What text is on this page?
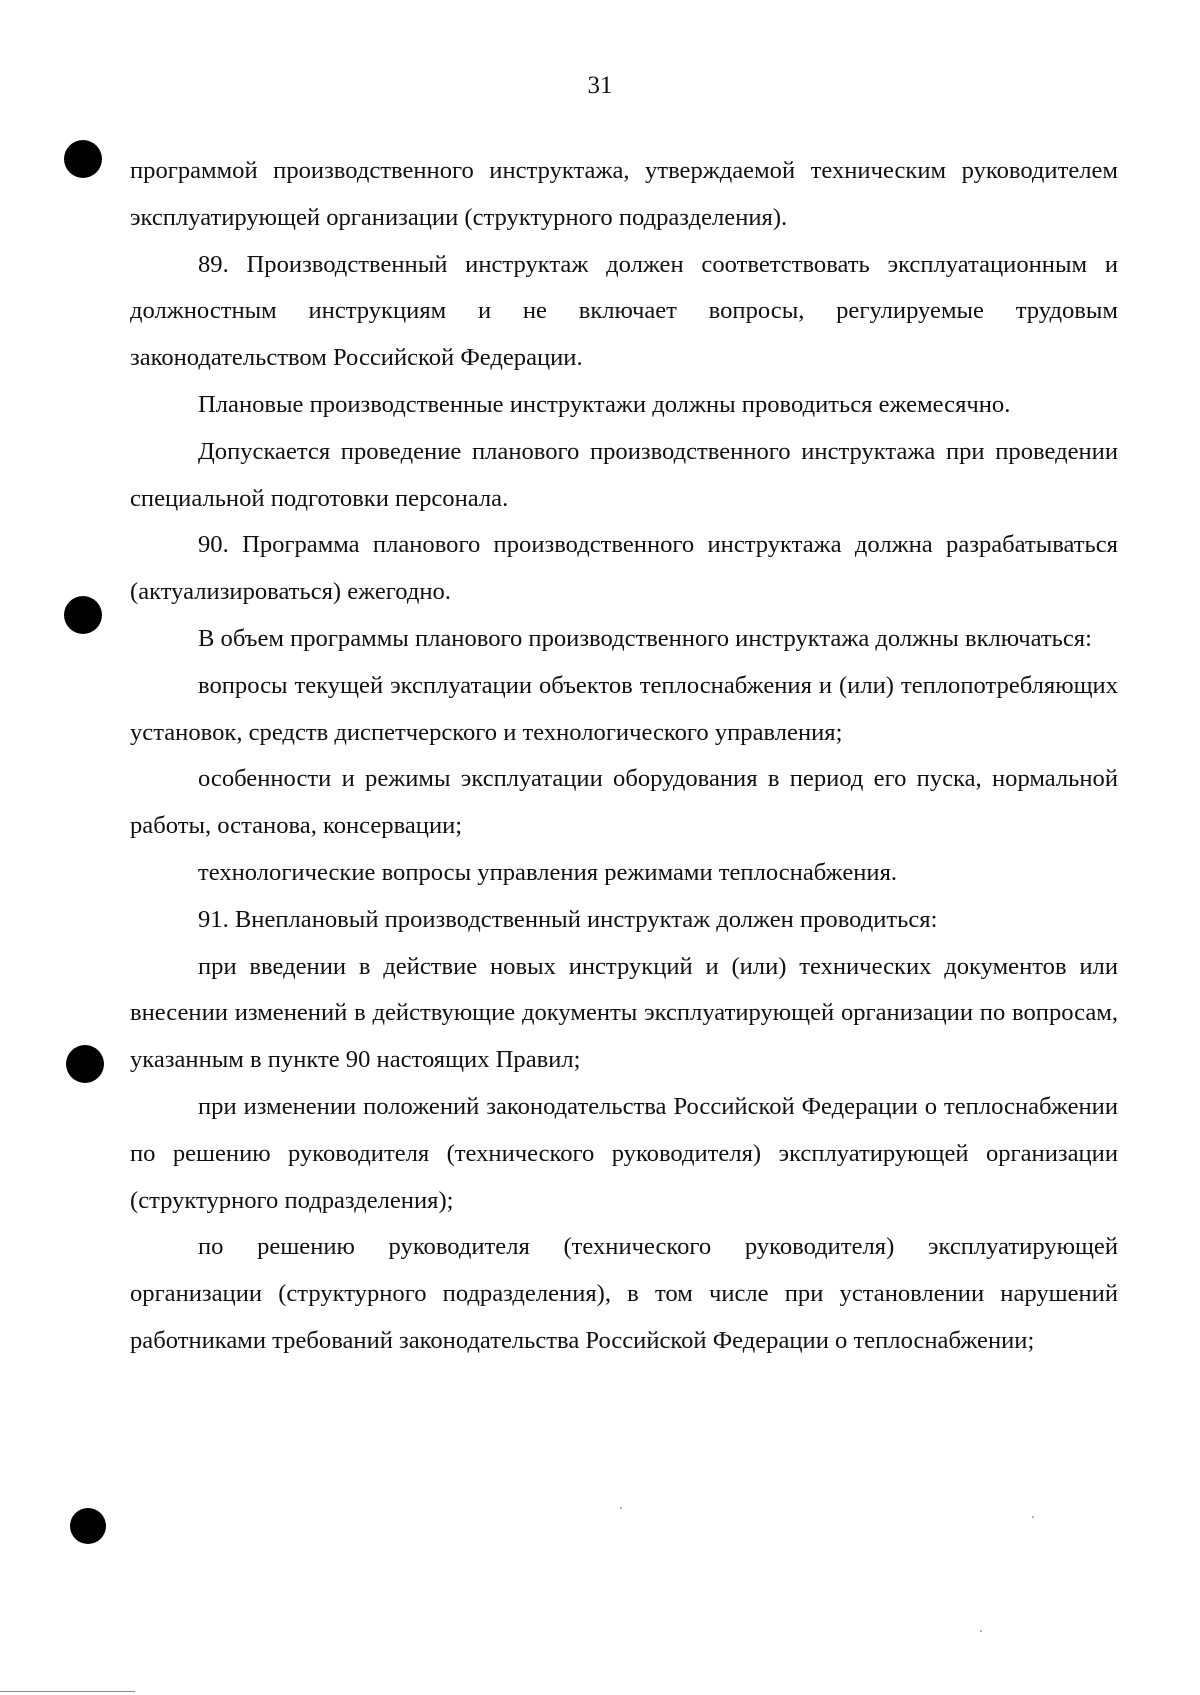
31

программой производственного инструктажа, утверждаемой техническим руководителем эксплуатирующей организации (структурного подразделения).

89. Производственный инструктаж должен соответствовать эксплуатационным и должностным инструкциям и не включает вопросы, регулируемые трудовым законодательством Российской Федерации.

Плановые производственные инструктажи должны проводиться ежемесячно.

Допускается проведение планового производственного инструктажа при проведении специальной подготовки персонала.

90. Программа планового производственного инструктажа должна разрабатываться (актуализироваться) ежегодно.

В объем программы планового производственного инструктажа должны включаться:

вопросы текущей эксплуатации объектов теплоснабжения и (или) теплопотребляющих установок, средств диспетчерского и технологического управления;

особенности и режимы эксплуатации оборудования в период его пуска, нормальной работы, останова, консервации;

технологические вопросы управления режимами теплоснабжения.

91. Внеплановый производственный инструктаж должен проводиться:

при введении в действие новых инструкций и (или) технических документов или внесении изменений в действующие документы эксплуатирующей организации по вопросам, указанным в пункте 90 настоящих Правил;

при изменении положений законодательства Российской Федерации о теплоснабжении по решению руководителя (технического руководителя) эксплуатирующей организации (структурного подразделения);

по решению руководителя (технического руководителя) эксплуатирующей организации (структурного подразделения), в том числе при установлении нарушений работниками требований законодательства Российской Федерации о теплоснабжении;
